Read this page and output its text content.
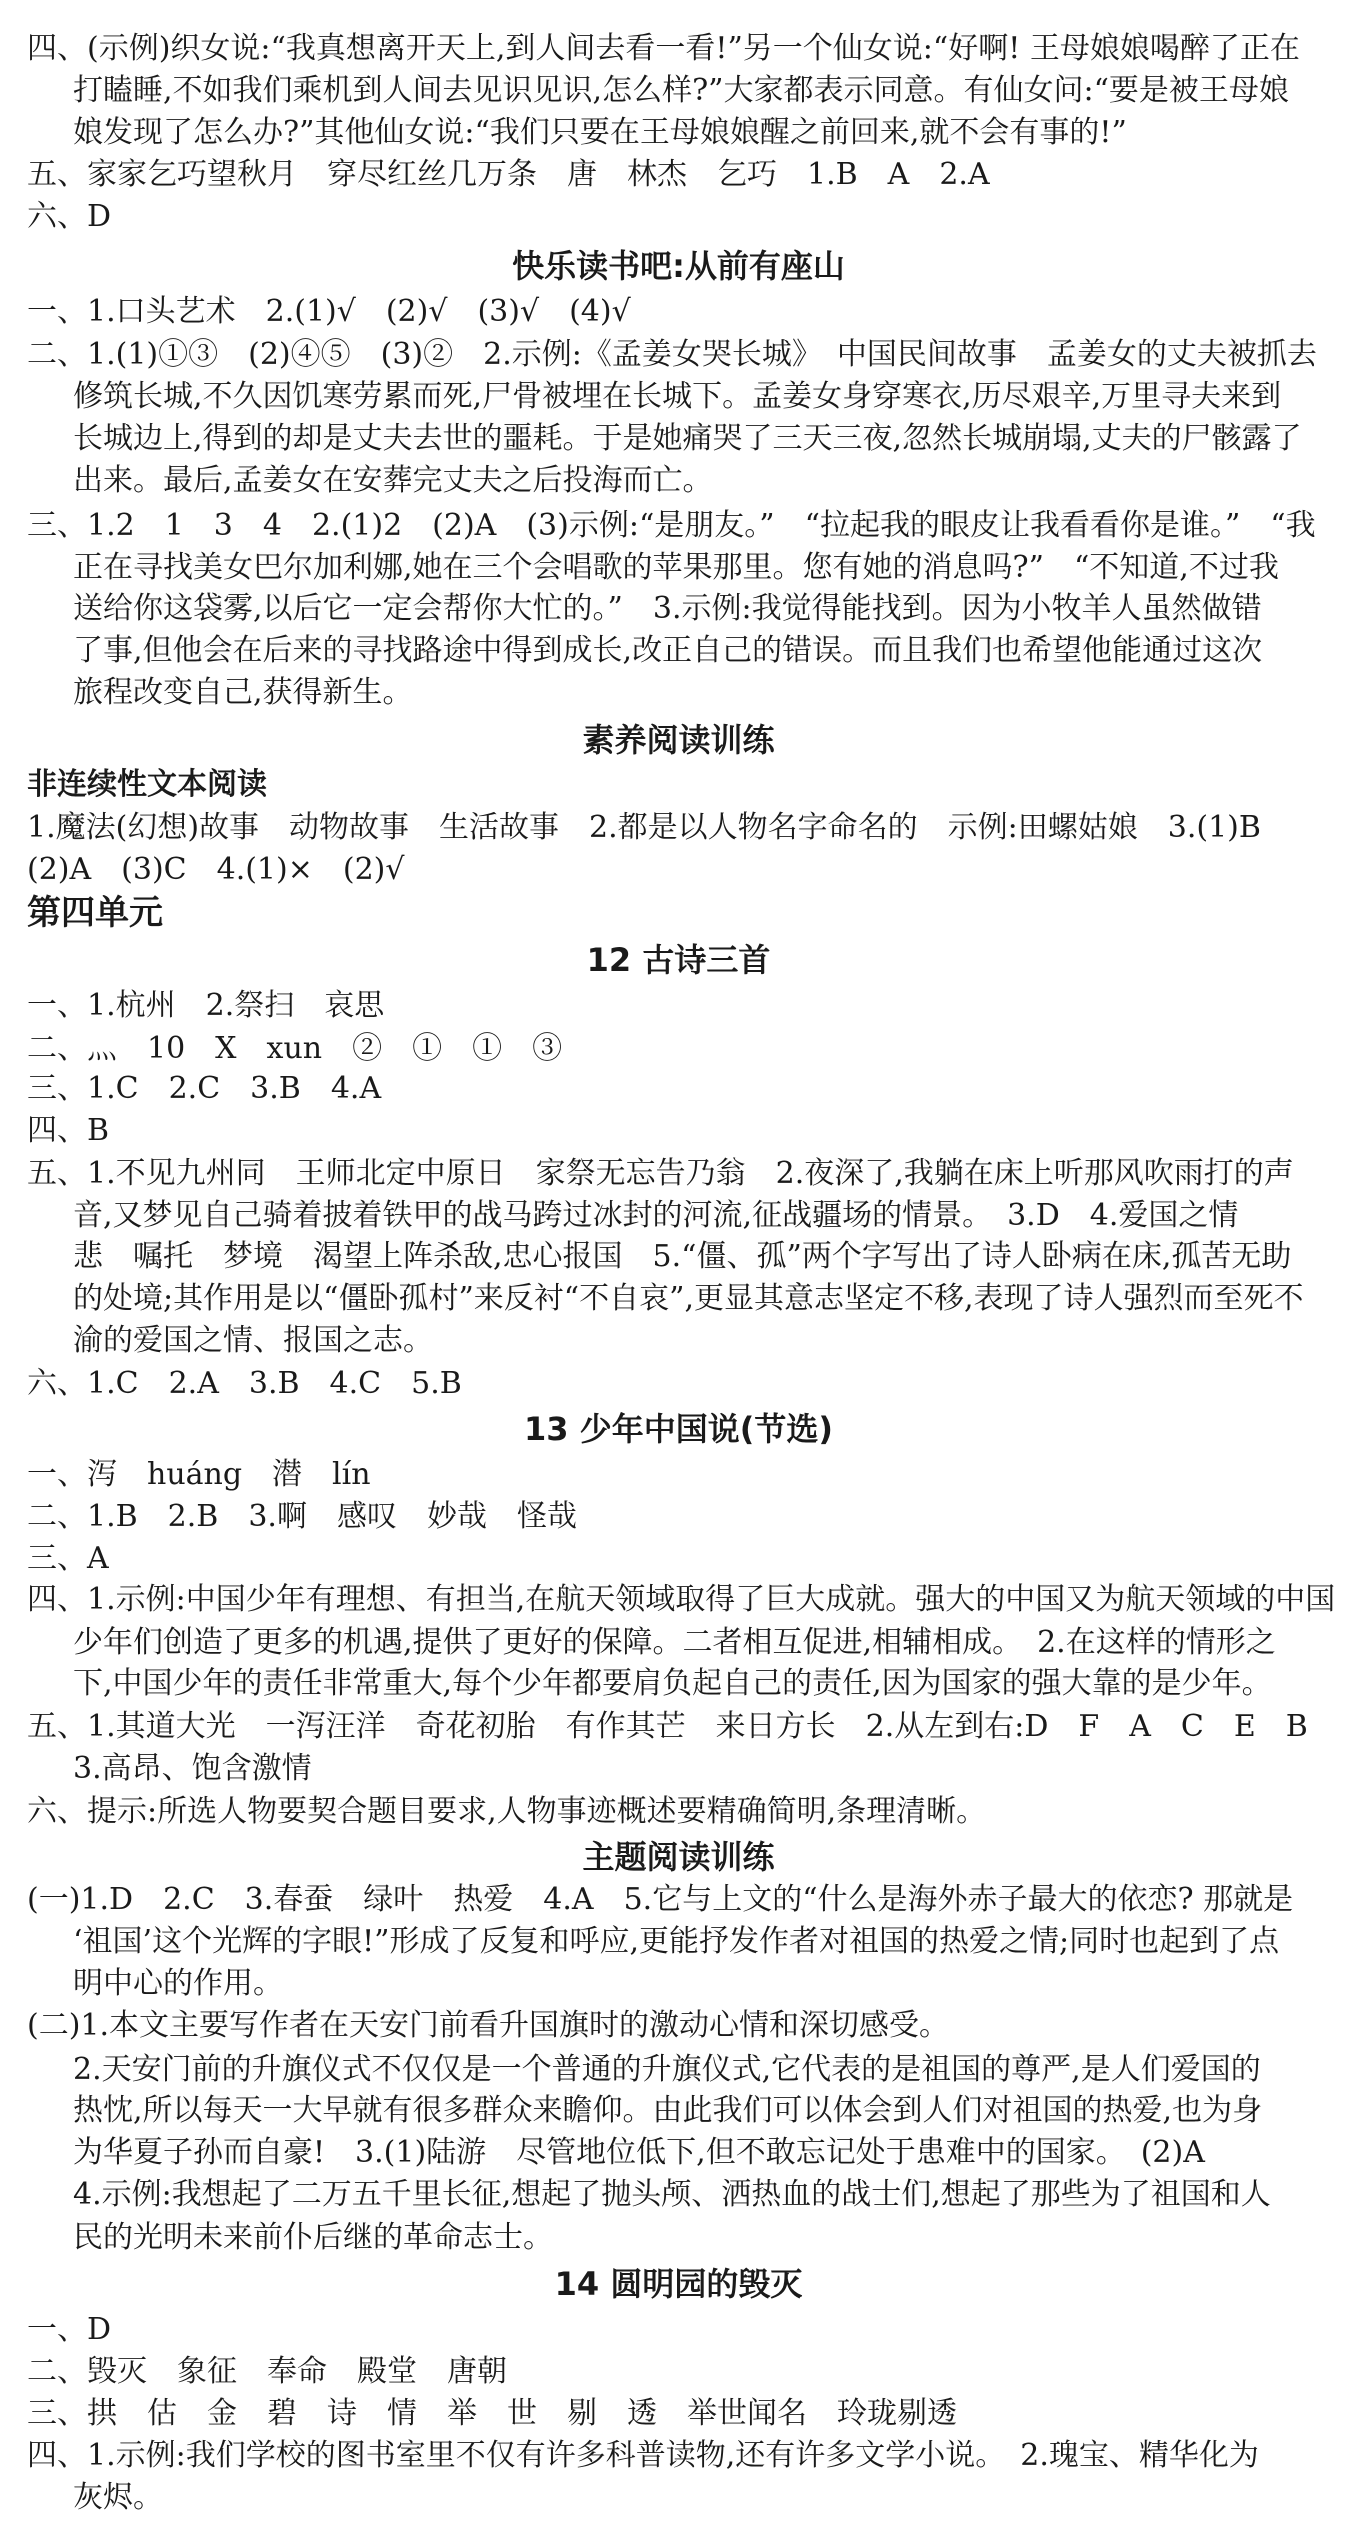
四、(示例)织女说:“我真想离开天上,到人间去看一看!”另一个仙女说:“好啊! 王母娘娘喝醉了正在
打瞌睡,不如我们乘机到人间去见识见识,怎么样?”大家都表示同意。有仙女问:“要是被王母娘
娘发现了怎么办?”其他仙女说:“我们只要在王母娘娘醒之前回来,就不会有事的!”
五、家家乞巧望秋月　穿尽红丝几万条　唐　林杰　乞巧　1.B　A　2.A
六、D
快乐读书吧:从前有座山
一、1.口头艺术　2.(1)√　(2)√　(3)√　(4)√
二、1.(1)①③　(2)④⑤　(3)②　2.示例:《孟姜女哭长城》　中国民间故事　孟姜女的丈夫被抓去
修筑长城,不久因饥寒劳累而死,尸骨被埋在长城下。孟姜女身穿寒衣,历尽艰辛,万里寻夫来到
长城边上,得到的却是丈夫去世的噩耗。于是她痛哭了三天三夜,忽然长城崩塌,丈夫的尸骸露了
出来。最后,孟姜女在安葬完丈夫之后投海而亡。
三、1.2　1　3　4　2.(1)2　(2)A　(3)示例:“是朋友。”　“拉起我的眼皮让我看看你是谁。”　“我
正在寻找美女巴尔加利娜,她在三个会唱歌的苹果那里。您有她的消息吗?”　“不知道,不过我
送给你这袋雾,以后它一定会帮你大忙的。”　3.示例:我觉得能找到。因为小牧羊人虽然做错
了事,但他会在后来的寻找路途中得到成长,改正自己的错误。而且我们也希望他能通过这次
旅程改变自己,获得新生。
素养阅读训练
非连续性文本阅读
1.魔法(幻想)故事　动物故事　生活故事　2.都是以人物名字命名的　示例:田螺姑娘　3.(1)B
(2)A　(3)C　4.(1)×　(2)√
第四单元
12 古诗三首
一、1.杭州　2.祭扫　哀思
二、灬　10　X　xun　②　①　①　③
三、1.C　2.C　3.B　4.A
四、B
五、1.不见九州同　王师北定中原日　家祭无忘告乃翁　2.夜深了,我躺在床上听那风吹雨打的声
音,又梦见自己骑着披着铁甲的战马跨过冰封的河流,征战疆场的情景。　3.D　4.爱国之情
悲　嘱托　梦境　渴望上阵杀敌,忠心报国　5.“僵、孤”两个字写出了诗人卧病在床,孤苦无助
的处境;其作用是以“僵卧孤村”来反衬“不自哀”,更显其意志坚定不移,表现了诗人强烈而至死不
渝的爱国之情、报国之志。
六、1.C　2.A　3.B　4.C　5.B
13 少年中国说(节选)
一、泻　huáng　潜　lín
二、1.B　2.B　3.啊　感叹　妙哉　怪哉
三、A
四、1.示例:中国少年有理想、有担当,在航天领域取得了巨大成就。强大的中国又为航天领域的中国
少年们创造了更多的机遇,提供了更好的保障。二者相互促进,相辅相成。　2.在这样的情形之
下,中国少年的责任非常重大,每个少年都要肩负起自己的责任,因为国家的强大靠的是少年。
五、1.其道大光　一泻汪洋　奇花初胎　有作其芒　来日方长　2.从左到右:D　F　A　C　E　B
3.高昂、饱含激情
六、提示:所选人物要契合题目要求,人物事迹概述要精确简明,条理清晰。
主题阅读训练
(一)1.D　2.C　3.春蚕　绿叶　热爱　4.A　5.它与上文的“什么是海外赤子最大的依恋? 那就是
‘祖国’这个光辉的字眼!”形成了反复和呼应,更能抒发作者对祖国的热爱之情;同时也起到了点
明中心的作用。
(二)1.本文主要写作者在天安门前看升国旗时的激动心情和深切感受。
2.天安门前的升旗仪式不仅仅是一个普通的升旗仪式,它代表的是祖国的尊严,是人们爱国的
热忱,所以每天一大早就有很多群众来瞻仰。由此我们可以体会到人们对祖国的热爱,也为身
为华夏子孙而自豪!　3.(1)陆游　尽管地位低下,但不敢忘记处于患难中的国家。　(2)A
4.示例:我想起了二万五千里长征,想起了抛头颅、洒热血的战士们,想起了那些为了祖国和人
民的光明未来前仆后继的革命志士。
14 圆明园的毁灭
一、D
二、毁灭　象征　奉命　殿堂　唐朝
三、拱　估　金　碧　诗　情　举　世　剔　透　举世闻名　玲珑剔透
四、1.示例:我们学校的图书室里不仅有许多科普读物,还有许多文学小说。　2.瑰宝、精华化为
灰烬。
